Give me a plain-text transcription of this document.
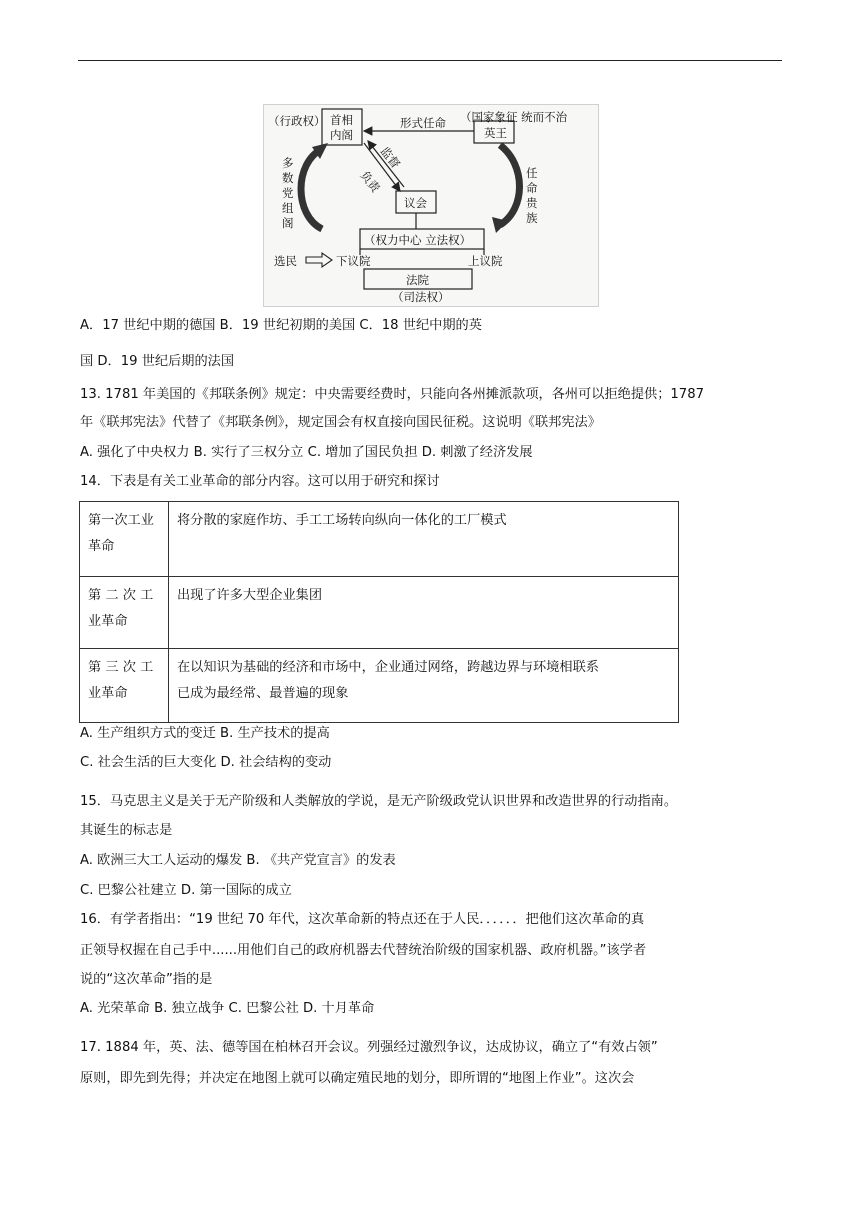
（行政权） 首相
内阁	英王
（国家象征 统而不治
形式任命
议会
负责
监督
多
数
党
组
阁
任
命
贵
族
（权力中心 立法权）
选民	下议院	上议院
法院
（司法权）
A．17 世纪中期的德国 B．19 世纪初期的美国 C．18 世纪中期的英
国 D．19 世纪后期的法国
13. 1781 年美国的《邦联条例》规定：中央需要经费时，只能向各州摊派款项，各州可以拒绝提供；1787
年《联邦宪法》代替了《邦联条例》，规定国会有权直接向国民征税。这说明《联邦宪法》
A. 强化了中央权力 B. 实行了三权分立 C. 增加了国民负担 D. 刺激了经济发展
14．下表是有关工业革命的部分内容。这可以用于研究和探讨
第一次工业
革命	将分散的家庭作坊、手工工场转向纵向一体化的工厂模式
第 二 次 工
业革命	出现了许多大型企业集团
第 三 次 工
业革命	在以知识为基础的经济和市场中，企业通过网络，跨越边界与环境相联系
已成为最经常、最普遍的现象
A. 生产组织方式的变迁 B. 生产技术的提高
C. 社会生活的巨大变化 D. 社会结构的变动
15．马克思主义是关于无产阶级和人类解放的学说，是无产阶级政党认识世界和改造世界的行动指南。
其诞生的标志是
A. 欧洲三大工人运动的爆发 B. 《共产党宣言》的发表
C. 巴黎公社建立 D. 第一国际的成立
16．有学者指出：“19 世纪 70 年代，这次革命新的特点还在于人民．．．．．．把他们这次革命的真
正领导权握在自己手中......用他们自己的政府机器去代替统治阶级的国家机器、政府机器。”该学者
说的“这次革命”指的是
A. 光荣革命 B. 独立战争 C. 巴黎公社 D. 十月革命
17. 1884 年，英、法、德等国在柏林召开会议。列强经过激烈争议，达成协议，确立了“有效占领”
原则，即先到先得；并决定在地图上就可以确定殖民地的划分，即所谓的“地图上作业”。这次会
